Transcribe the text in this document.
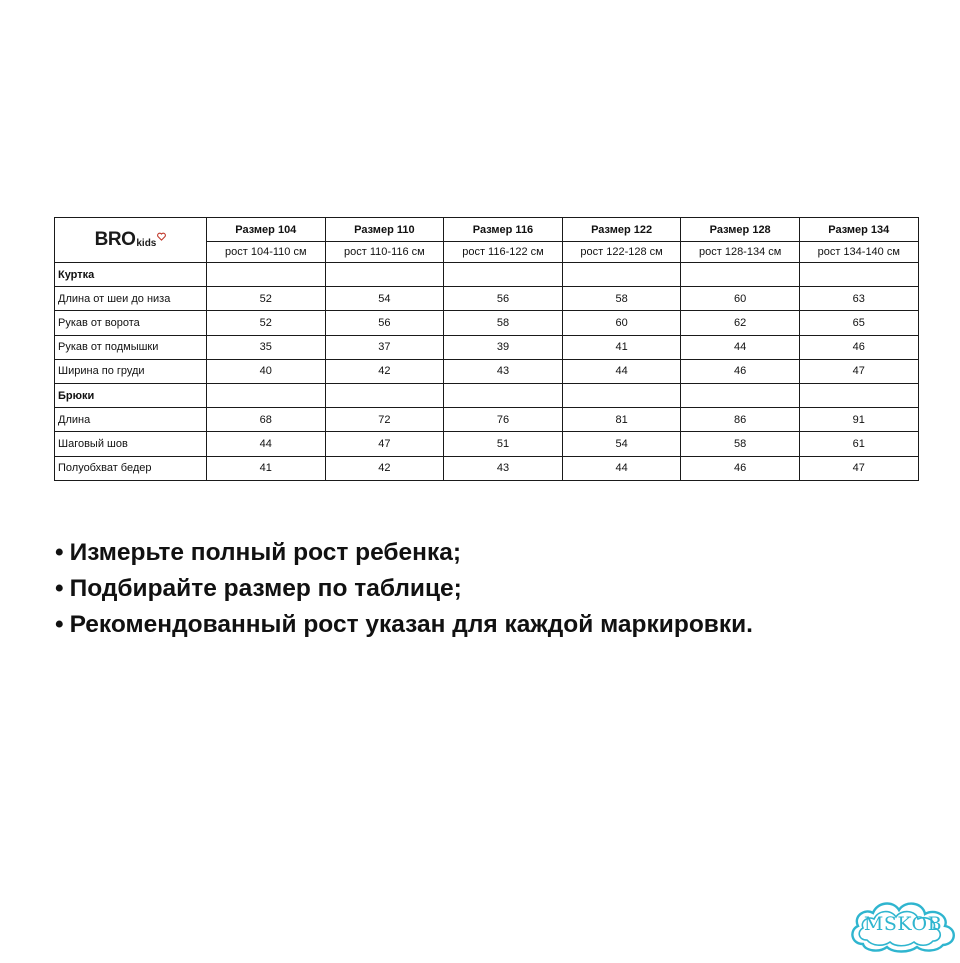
BRO kids	Размер 104	Размер 110	Размер 116	Размер 122	Размер 128	Размер 134
	рост 104-110 см	рост 110-116 см	рост 116-122 см	рост 122-128 см	рост 128-134 см	рост 134-140 см
Куртка						
Длина от шеи до низа	52	54	56	58	60	63
Рукав от ворота	52	56	58	60	62	65
Рукав от подмышки	35	37	39	41	44	46
Ширина по груди	40	42	43	44	46	47
Брюки						
Длина	68	72	76	81	86	91
Шаговый шов	44	47	51	54	58	61
Полуобхват бедер	41	42	43	44	46	47
• Измерьте полный рост ребенка;
• Подбирайте размер по таблице;
• Рекомендованный рост указан для каждой маркировки.
MSKOB
